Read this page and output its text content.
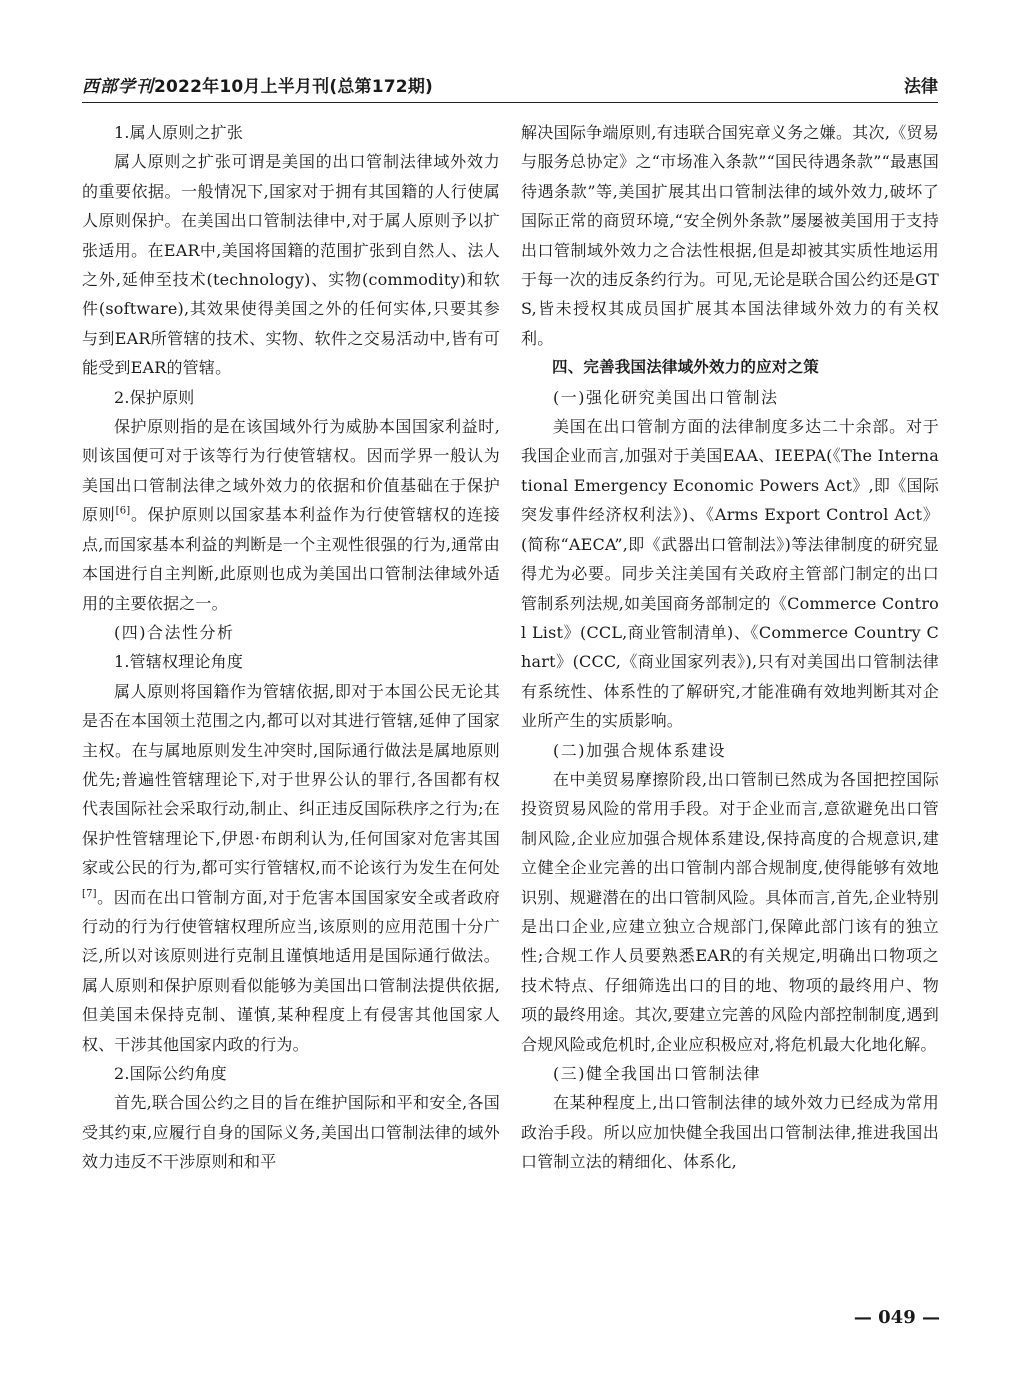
西部学刊2022年10月上半月刊(总第172期)	法律

1.属人原则之扩张

属人原则之扩张可谓是美国的出口管制法律域外效力的重要依据。一般情况下,国家对于拥有其国籍的人行使属人原则保护。在美国出口管制法律中,对于属人原则予以扩张适用。在EAR中,美国将国籍的范围扩张到自然人、法人之外,延伸至技术(technology)、实物(commodity)和软件(software),其效果使得美国之外的任何实体,只要其参与到EAR所管辖的技术、实物、软件之交易活动中,皆有可能受到EAR的管辖。

2.保护原则

保护原则指的是在该国域外行为威胁本国国家利益时,则该国便可对于该等行为行使管辖权。因而学界一般认为美国出口管制法律之域外效力的依据和价值基础在于保护原则[6]。保护原则以国家基本利益作为行使管辖权的连接点,而国家基本利益的判断是一个主观性很强的行为,通常由本国进行自主判断,此原则也成为美国出口管制法律域外适用的主要依据之一。

(四)合法性分析

1.管辖权理论角度

属人原则将国籍作为管辖依据,即对于本国公民无论其是否在本国领土范围之内,都可以对其进行管辖,延伸了国家主权。在与属地原则发生冲突时,国际通行做法是属地原则优先;普遍性管辖理论下,对于世界公认的罪行,各国都有权代表国际社会采取行动,制止、纠正违反国际秩序之行为;在保护性管辖理论下,伊恩·布朗利认为,任何国家对危害其国家或公民的行为,都可实行管辖权,而不论该行为发生在何处[7]。因而在出口管制方面,对于危害本国国家安全或者政府行动的行为行使管辖权理所应当,该原则的应用范围十分广泛,所以对该原则进行克制且谨慎地适用是国际通行做法。属人原则和保护原则看似能够为美国出口管制法提供依据,但美国未保持克制、谨慎,某种程度上有侵害其他国家人权、干涉其他国家内政的行为。

2.国际公约角度

首先,联合国公约之目的旨在维护国际和平和安全,各国受其约束,应履行自身的国际义务,美国出口管制法律的域外效力违反不干涉原则和和平

解决国际争端原则,有违联合国宪章义务之嫌。其次,《贸易与服务总协定》之“市场准入条款”“国民待遇条款”“最惠国待遇条款”等,美国扩展其出口管制法律的域外效力,破坏了国际正常的商贸环境,“安全例外条款”屡屡被美国用于支持出口管制域外效力之合法性根据,但是却被其实质性地运用于每一次的违反条约行为。可见,无论是联合国公约还是GTS,皆未授权其成员国扩展其本国法律域外效力的有关权利。

四、完善我国法律域外效力的应对之策

(一)强化研究美国出口管制法

美国在出口管制方面的法律制度多达二十余部。对于我国企业而言,加强对于美国EAA、IEEPA(《The International Emergency Economic Powers Act》,即《国际突发事件经济权利法》)、《Arms Export Control Act》(简称“AECA”,即《武器出口管制法》)等法律制度的研究显得尤为必要。同步关注美国有关政府主管部门制定的出口管制系列法规,如美国商务部制定的《Commerce Control List》(CCL,商业管制清单)、《Commerce Country Chart》(CCC,《商业国家列表》),只有对美国出口管制法律有系统性、体系性的了解研究,才能准确有效地判断其对企业所产生的实质影响。

(二)加强合规体系建设

在中美贸易摩擦阶段,出口管制已然成为各国把控国际投资贸易风险的常用手段。对于企业而言,意欲避免出口管制风险,企业应加强合规体系建设,保持高度的合规意识,建立健全企业完善的出口管制内部合规制度,使得能够有效地识别、规避潜在的出口管制风险。具体而言,首先,企业特别是出口企业,应建立独立合规部门,保障此部门该有的独立性;合规工作人员要熟悉EAR的有关规定,明确出口物项之技术特点、仔细筛选出口的目的地、物项的最终用户、物项的最终用途。其次,要建立完善的风险内部控制制度,遇到合规风险或危机时,企业应积极应对,将危机最大化地化解。

(三)健全我国出口管制法律

在某种程度上,出口管制法律的域外效力已经成为常用政治手段。所以应加快健全我国出口管制法律,推进我国出口管制立法的精细化、体系化,

— 049 —
